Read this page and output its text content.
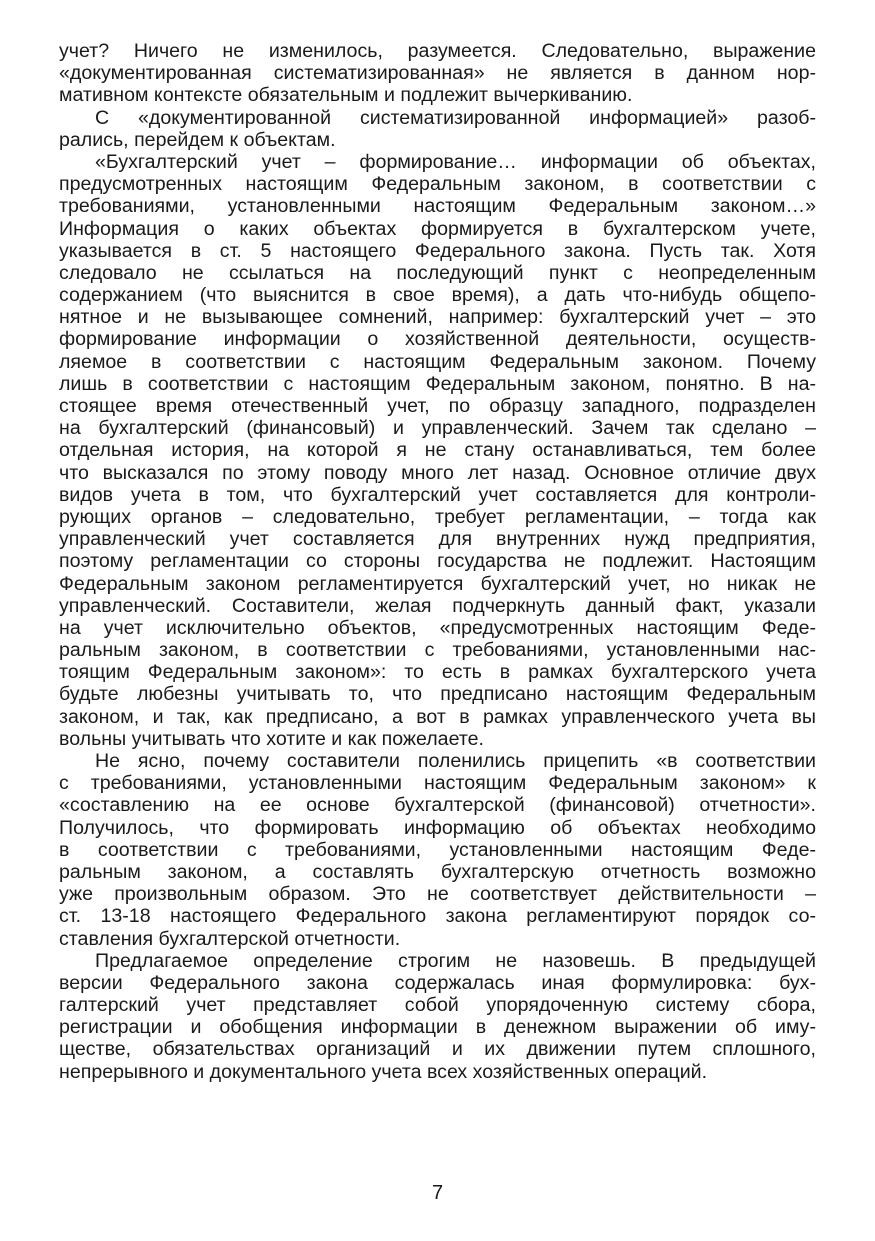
учет? Ничего не изменилось, разумеется. Следовательно, выражение
«документированная систематизированная» не является в данном нор-
мативном контексте обязательным и подлежит вычеркиванию.
С «документированной систематизированной информацией» разоб-
рались, перейдем к объектам.
«Бухгалтерский учет – формирование… информации об объектах,
предусмотренных настоящим Федеральным законом, в соответствии с
требованиями, установленными настоящим Федеральным законом…»
Информация о каких объектах формируется в бухгалтерском учете,
указывается в ст. 5 настоящего Федерального закона. Пусть так. Хотя
следовало не ссылаться на последующий пункт с неопределенным
содержанием (что выяснится в свое время), а дать что-нибудь общепо-
нятное и не вызывающее сомнений, например: бухгалтерский учет – это
формирование информации о хозяйственной деятельности, осуществ-
ляемое в соответствии с настоящим Федеральным законом. Почему
лишь в соответствии с настоящим Федеральным законом, понятно. В на-
стоящее время отечественный учет, по образцу западного, подразделен
на бухгалтерский (финансовый) и управленческий. Зачем так сделано –
отдельная история, на которой я не стану останавливаться, тем более
что высказался по этому поводу много лет назад. Основное отличие двух
видов учета в том, что бухгалтерский учет составляется для контроли-
рующих органов – следовательно, требует регламентации, – тогда как
управленческий учет составляется для внутренних нужд предприятия,
поэтому регламентации со стороны государства не подлежит. Настоящим
Федеральным законом регламентируется бухгалтерский учет, но никак не
управленческий. Составители, желая подчеркнуть данный факт, указали
на учет исключительно объектов, «предусмотренных настоящим Феде-
ральным законом, в соответствии с требованиями, установленными нас-
тоящим Федеральным законом»: то есть в рамках бухгалтерского учета
будьте любезны учитывать то, что предписано настоящим Федеральным
законом, и так, как предписано, а вот в рамках управленческого учета вы
вольны учитывать что хотите и как пожелаете.
Не ясно, почему составители поленились прицепить «в соответствии
с требованиями, установленными настоящим Федеральным законом» к
«составлению на ее основе бухгалтерской (финансовой) отчетности».
Получилось, что формировать информацию об объектах необходимо
в соответствии с требованиями, установленными настоящим Феде-
ральным законом, а составлять бухгалтерскую отчетность возможно
уже произвольным образом. Это не соответствует действительности –
ст. 13-18 настоящего Федерального закона регламентируют порядок со-
ставления бухгалтерской отчетности.
Предлагаемое определение строгим не назовешь. В предыдущей
версии Федерального закона содержалась иная формулировка: бух-
галтерский учет представляет собой упорядоченную систему сбора,
регистрации и обобщения информации в денежном выражении об иму-
ществе, обязательствах организаций и их движении путем сплошного,
непрерывного и документального учета всех хозяйственных операций.
7
